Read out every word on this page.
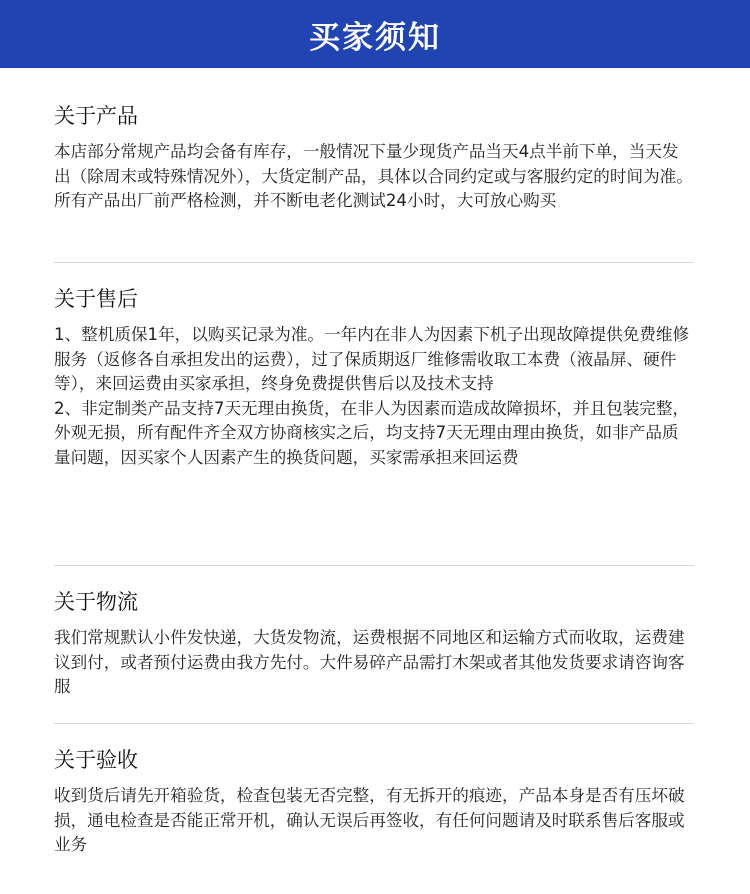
买家须知
关于产品

本店部分常规产品均会备有库存，一般情况下量少现货产品当天4点半前下单，当天发出（除周末或特殊情况外），大货定制产品，具体以合同约定或与客服约定的时间为准。所有产品出厂前严格检测，并不断电老化测试24小时，大可放心购买

关于售后

1、整机质保1年，以购买记录为准。一年内在非人为因素下机子出现故障提供免费维修服务（返修各自承担发出的运费），过了保质期返厂维修需收取工本费（液晶屏、硬件等），来回运费由买家承担，终身免费提供售后以及技术支持

2、非定制类产品支持7天无理由换货，在非人为因素而造成故障损坏，并且包装完整，外观无损，所有配件齐全双方协商核实之后，均支持7天无理由理由换货，如非产品质量问题，因买家个人因素产生的换货问题，买家需承担来回运费

关于物流

我们常规默认小件发快递，大货发物流，运费根据不同地区和运输方式而收取，运费建议到付，或者预付运费由我方先付。大件易碎产品需打木架或者其他发货要求请咨询客服

关于验收

收到货后请先开箱验货，检查包装无否完整，有无拆开的痕迹，产品本身是否有压坏破损，通电检查是否能正常开机，确认无误后再签收，有任何问题请及时联系售后客服或业务
